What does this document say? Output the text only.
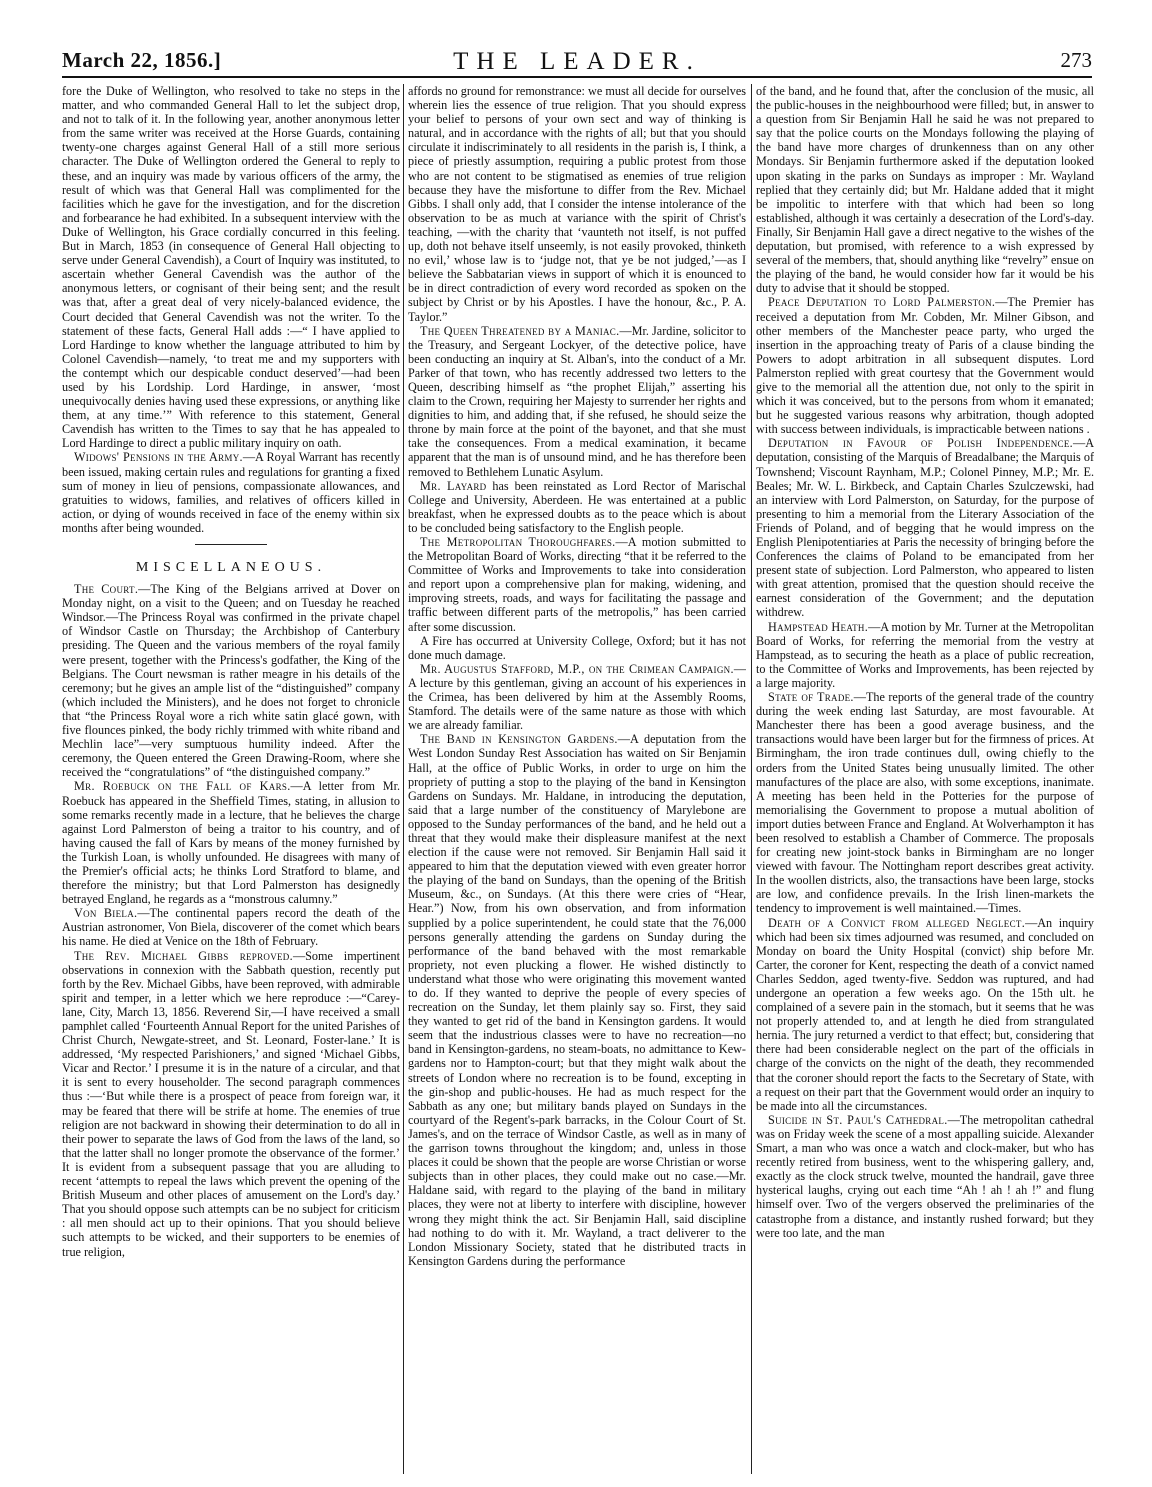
March 22, 1856.]	THE LEADER.	273

fore the Duke of Wellington, who resolved to take no steps in the matter, and who commanded General Hall to let the subject drop, and not to talk of it. In the following year, another anonymous letter from the same writer was received at the Horse Guards, containing twenty-one charges against General Hall of a still more serious character. The Duke of Wellington ordered the General to reply to these, and an inquiry was made by various officers of the army, the result of which was that General Hall was complimented for the facilities which he gave for the investigation, and for the discretion and forbearance he had exhibited. In a subsequent interview with the Duke of Wellington, his Grace cordially concurred in this feeling. But in March, 1853 (in consequence of General Hall objecting to serve under General Cavendish), a Court of Inquiry was instituted, to ascertain whether General Cavendish was the author of the anonymous letters, or cognisant of their being sent; and the result was that, after a great deal of very nicely-balanced evidence, the Court decided that General Cavendish was not the writer. To the statement of these facts, General Hall adds :—“ I have applied to Lord Hardinge to know whether the language attributed to him by Colonel Cavendish—namely, ‘to treat me and my supporters with the contempt which our despicable conduct deserved’—had been used by his Lordship. Lord Hardinge, in answer, ‘most unequivocally denies having used these expressions, or anything like them, at any time.’” With reference to this statement, General Cavendish has written to the Times to say that he has appealed to Lord Hardinge to direct a public military inquiry on oath.

Widows' Pensions in the Army.—A Royal Warrant has recently been issued, making certain rules and regulations for granting a fixed sum of money in lieu of pensions, compassionate allowances, and gratuities to widows, families, and relatives of officers killed in action, or dying of wounds received in face of the enemy within six months after being wounded.

MISCELLANEOUS.

The Court.—The King of the Belgians arrived at Dover on Monday night, on a visit to the Queen; and on Tuesday he reached Windsor.—The Princess Royal was confirmed in the private chapel of Windsor Castle on Thursday; the Archbishop of Canterbury presiding. The Queen and the various members of the royal family were present, together with the Princess's godfather, the King of the Belgians. The Court newsman is rather meagre in his details of the ceremony; but he gives an ample list of the “distinguished” company (which included the Ministers), and he does not forget to chronicle that “the Princess Royal wore a rich white satin glacé gown, with five flounces pinked, the body richly trimmed with white riband and Mechlin lace”—very sumptuous humility indeed. After the ceremony, the Queen entered the Green Drawing-Room, where she received the “congratulations” of “the distinguished company.”

Mr. Roebuck on the Fall of Kars.—A letter from Mr. Roebuck has appeared in the Sheffield Times, stating, in allusion to some remarks recently made in a lecture, that he believes the charge against Lord Palmerston of being a traitor to his country, and of having caused the fall of Kars by means of the money furnished by the Turkish Loan, is wholly unfounded. He disagrees with many of the Premier's official acts; he thinks Lord Stratford to blame, and therefore the ministry; but that Lord Palmerston has designedly betrayed England, he regards as a “monstrous calumny.”

Von Biela.—The continental papers record the death of the Austrian astronomer, Von Biela, discoverer of the comet which bears his name. He died at Venice on the 18th of February.

The Rev. Michael Gibbs reproved.—Some impertinent observations in connexion with the Sabbath question, recently put forth by the Rev. Michael Gibbs, have been reproved, with admirable spirit and temper, in a letter which we here reproduce :—“Carey-lane, City, March 13, 1856. Reverend Sir,—I have received a small pamphlet called ‘Fourteenth Annual Report for the united Parishes of Christ Church, Newgate-street, and St. Leonard, Foster-lane.’ It is addressed, ‘My respected Parishioners,’ and signed ‘Michael Gibbs, Vicar and Rector.’ I presume it is in the nature of a circular, and that it is sent to every householder. The second paragraph commences thus :—‘But while there is a prospect of peace from foreign war, it may be feared that there will be strife at home. The enemies of true religion are not backward in showing their determination to do all in their power to separate the laws of God from the laws of the land, so that the latter shall no longer promote the observance of the former.’ It is evident from a subsequent passage that you are alluding to recent ‘attempts to repeal the laws which prevent the opening of the British Museum and other places of amusement on the Lord's day.’ That you should oppose such attempts can be no subject for criticism : all men should act up to their opinions. That you should believe such attempts to be wicked, and their supporters to be enemies of true religion,

affords no ground for remonstrance: we must all decide for ourselves wherein lies the essence of true religion. That you should express your belief to persons of your own sect and way of thinking is natural, and in accordance with the rights of all; but that you should circulate it indiscriminately to all residents in the parish is, I think, a piece of priestly assumption, requiring a public protest from those who are not content to be stigmatised as enemies of true religion because they have the misfortune to differ from the Rev. Michael Gibbs. I shall only add, that I consider the intense intolerance of the observation to be as much at variance with the spirit of Christ's teaching, —with the charity that ‘vaunteth not itself, is not puffed up, doth not behave itself unseemly, is not easily provoked, thinketh no evil,’ whose law is to ‘judge not, that ye be not judged,’—as I believe the Sabbatarian views in support of which it is enounced to be in direct contradiction of every word recorded as spoken on the subject by Christ or by his Apostles. I have the honour, &c., P. A. Taylor.”

The Queen Threatened by a Maniac.—Mr. Jardine, solicitor to the Treasury, and Sergeant Lockyer, of the detective police, have been conducting an inquiry at St. Alban's, into the conduct of a Mr. Parker of that town, who has recently addressed two letters to the Queen, describing himself as “the prophet Elijah,” asserting his claim to the Crown, requiring her Majesty to surrender her rights and dignities to him, and adding that, if she refused, he should seize the throne by main force at the point of the bayonet, and that she must take the consequences. From a medical examination, it became apparent that the man is of unsound mind, and he has therefore been removed to Bethlehem Lunatic Asylum.

Mr. Layard has been reinstated as Lord Rector of Marischal College and University, Aberdeen. He was entertained at a public breakfast, when he expressed doubts as to the peace which is about to be concluded being satisfactory to the English people.

The Metropolitan Thoroughfares.—A motion submitted to the Metropolitan Board of Works, directing “that it be referred to the Committee of Works and Improvements to take into consideration and report upon a comprehensive plan for making, widening, and improving streets, roads, and ways for facilitating the passage and traffic between different parts of the metropolis,” has been carried after some discussion.

A Fire has occurred at University College, Oxford; but it has not done much damage.

Mr. Augustus Stafford, M.P., on the Crimean Campaign.—A lecture by this gentleman, giving an account of his experiences in the Crimea, has been delivered by him at the Assembly Rooms, Stamford. The details were of the same nature as those with which we are already familiar.

The Band in Kensington Gardens.—A deputation from the West London Sunday Rest Association has waited on Sir Benjamin Hall, at the office of Public Works, in order to urge on him the propriety of putting a stop to the playing of the band in Kensington Gardens on Sundays. Mr. Haldane, in introducing the deputation, said that a large number of the constituency of Marylebone are opposed to the Sunday performances of the band, and he held out a threat that they would make their displeasure manifest at the next election if the cause were not removed. Sir Benjamin Hall said it appeared to him that the deputation viewed with even greater horror the playing of the band on Sundays, than the opening of the British Museum, &c., on Sundays. (At this there were cries of “Hear, Hear.”) Now, from his own observation, and from information supplied by a police superintendent, he could state that the 76,000 persons generally attending the gardens on Sunday during the performance of the band behaved with the most remarkable propriety, not even plucking a flower. He wished distinctly to understand what those who were originating this movement wanted to do. If they wanted to deprive the people of every species of recreation on the Sunday, let them plainly say so. First, they said they wanted to get rid of the band in Kensington gardens. It would seem that the industrious classes were to have no recreation—no band in Kensington-gardens, no steam-boats, no admittance to Kew-gardens nor to Hampton-court; but that they might walk about the streets of London where no recreation is to be found, excepting in the gin-shop and public-houses. He had as much respect for the Sabbath as any one; but military bands played on Sundays in the courtyard of the Regent's-park barracks, in the Colour Court of St. James's, and on the terrace of Windsor Castle, as well as in many of the garrison towns throughout the kingdom; and, unless in those places it could be shown that the people are worse Christian or worse subjects than in other places, they could make out no case.—Mr. Haldane said, with regard to the playing of the band in military places, they were not at liberty to interfere with discipline, however wrong they might think the act. Sir Benjamin Hall, said discipline had nothing to do with it. Mr. Wayland, a tract deliverer to the London Missionary Society, stated that he distributed tracts in Kensington Gardens during the performance

of the band, and he found that, after the conclusion of the music, all the public-houses in the neighbourhood were filled; but, in answer to a question from Sir Benjamin Hall he said he was not prepared to say that the police courts on the Mondays following the playing of the band have more charges of drunkenness than on any other Mondays. Sir Benjamin furthermore asked if the deputation looked upon skating in the parks on Sundays as improper : Mr. Wayland replied that they certainly did; but Mr. Haldane added that it might be impolitic to interfere with that which had been so long established, although it was certainly a desecration of the Lord's-day. Finally, Sir Benjamin Hall gave a direct negative to the wishes of the deputation, but promised, with reference to a wish expressed by several of the members, that, should anything like “revelry” ensue on the playing of the band, he would consider how far it would be his duty to advise that it should be stopped.

Peace Deputation to Lord Palmerston.—The Premier has received a deputation from Mr. Cobden, Mr. Milner Gibson, and other members of the Manchester peace party, who urged the insertion in the approaching treaty of Paris of a clause binding the Powers to adopt arbitration in all subsequent disputes. Lord Palmerston replied with great courtesy that the Government would give to the memorial all the attention due, not only to the spirit in which it was conceived, but to the persons from whom it emanated; but he suggested various reasons why arbitration, though adopted with success between individuals, is impracticable between nations .

Deputation in Favour of Polish Independence.—A deputation, consisting of the Marquis of Breadalbane; the Marquis of Townshend; Viscount Raynham, M.P.; Colonel Pinney, M.P.; Mr. E. Beales; Mr. W. L. Birkbeck, and Captain Charles Szulczewski, had an interview with Lord Palmerston, on Saturday, for the purpose of presenting to him a memorial from the Literary Association of the Friends of Poland, and of begging that he would impress on the English Plenipotentiaries at Paris the necessity of bringing before the Conferences the claims of Poland to be emancipated from her present state of subjection. Lord Palmerston, who appeared to listen with great attention, promised that the question should receive the earnest consideration of the Government; and the deputation withdrew.

Hampstead Heath.—A motion by Mr. Turner at the Metropolitan Board of Works, for referring the memorial from the vestry at Hampstead, as to securing the heath as a place of public recreation, to the Committee of Works and Improvements, has been rejected by a large majority.

State of Trade.—The reports of the general trade of the country during the week ending last Saturday, are most favourable. At Manchester there has been a good average business, and the transactions would have been larger but for the firmness of prices. At Birmingham, the iron trade continues dull, owing chiefly to the orders from the United States being unusually limited. The other manufactures of the place are also, with some exceptions, inanimate. A meeting has been held in the Potteries for the purpose of memorialising the Government to propose a mutual abolition of import duties between France and England. At Wolverhampton it has been resolved to establish a Chamber of Commerce. The proposals for creating new joint-stock banks in Birmingham are no longer viewed with favour. The Nottingham report describes great activity. In the woollen districts, also, the transactions have been large, stocks are low, and confidence prevails. In the Irish linen-markets the tendency to improvement is well maintained.—Times.

Death of a Convict from alleged Neglect.—An inquiry which had been six times adjourned was resumed, and concluded on Monday on board the Unity Hospital (convict) ship before Mr. Carter, the coroner for Kent, respecting the death of a convict named Charles Seddon, aged twenty-five. Seddon was ruptured, and had undergone an operation a few weeks ago. On the 15th ult. he complained of a severe pain in the stomach, but it seems that he was not properly attended to, and at length he died from strangulated hernia. The jury returned a verdict to that effect; but, considering that there had been considerable neglect on the part of the officials in charge of the convicts on the night of the death, they recommended that the coroner should report the facts to the Secretary of State, with a request on their part that the Government would order an inquiry to be made into all the circumstances.

Suicide in St. Paul's Cathedral.—The metropolitan cathedral was on Friday week the scene of a most appalling suicide. Alexander Smart, a man who was once a watch and clock-maker, but who has recently retired from business, went to the whispering gallery, and, exactly as the clock struck twelve, mounted the handrail, gave three hysterical laughs, crying out each time “Ah ! ah ! ah !” and flung himself over. Two of the vergers observed the preliminaries of the catastrophe from a distance, and instantly rushed forward; but they were too late, and the man
